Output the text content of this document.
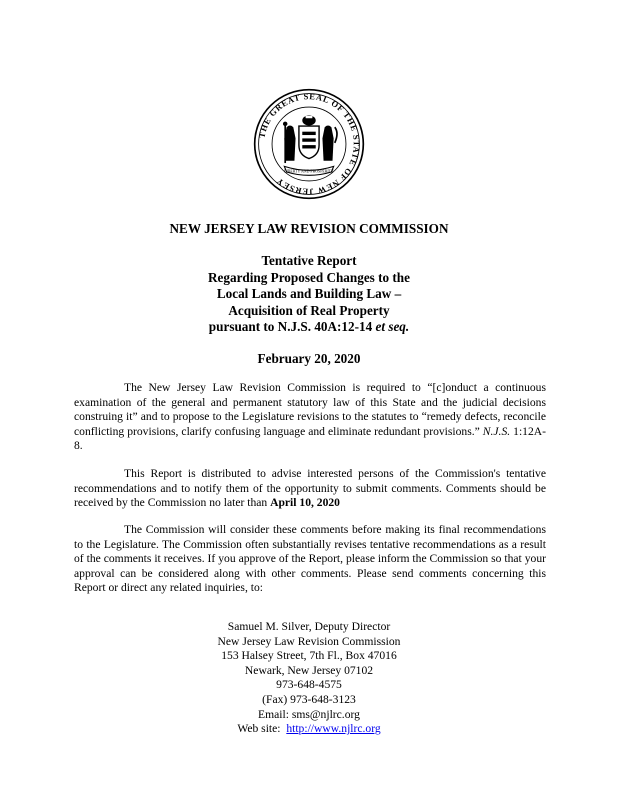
THE GREAT SEAL OF THE STATE OF NEW JERSEY
LIBERTY AND PROSPERITY
NEW JERSEY LAW REVISION COMMISSION
Tentative Report
Regarding Proposed Changes to the
Local Lands and Building Law –
Acquisition of Real Property
pursuant to N.J.S. 40A:12-14 et seq.
February 20, 2020

The New Jersey Law Revision Commission is required to “[c]onduct a continuous examination of the general and permanent statutory law of this State and the judicial decisions construing it” and to propose to the Legislature revisions to the statutes to “remedy defects, reconcile conflicting provisions, clarify confusing language and eliminate redundant provisions.” N.J.S. 1:12A-8.

This Report is distributed to advise interested persons of the Commission's tentative recommendations and to notify them of the opportunity to submit comments. Comments should be received by the Commission no later than April 10, 2020

The Commission will consider these comments before making its final recommendations to the Legislature. The Commission often substantially revises tentative recommendations as a result of the comments it receives. If you approve of the Report, please inform the Commission so that your approval can be considered along with other comments. Please send comments concerning this Report or direct any related inquiries, to:

Samuel M. Silver, Deputy Director
New Jersey Law Revision Commission
153 Halsey Street, 7th Fl., Box 47016
Newark, New Jersey 07102
973-648-4575
(Fax) 973-648-3123
Email: sms@njlrc.org
Web site:  http://www.njlrc.org
